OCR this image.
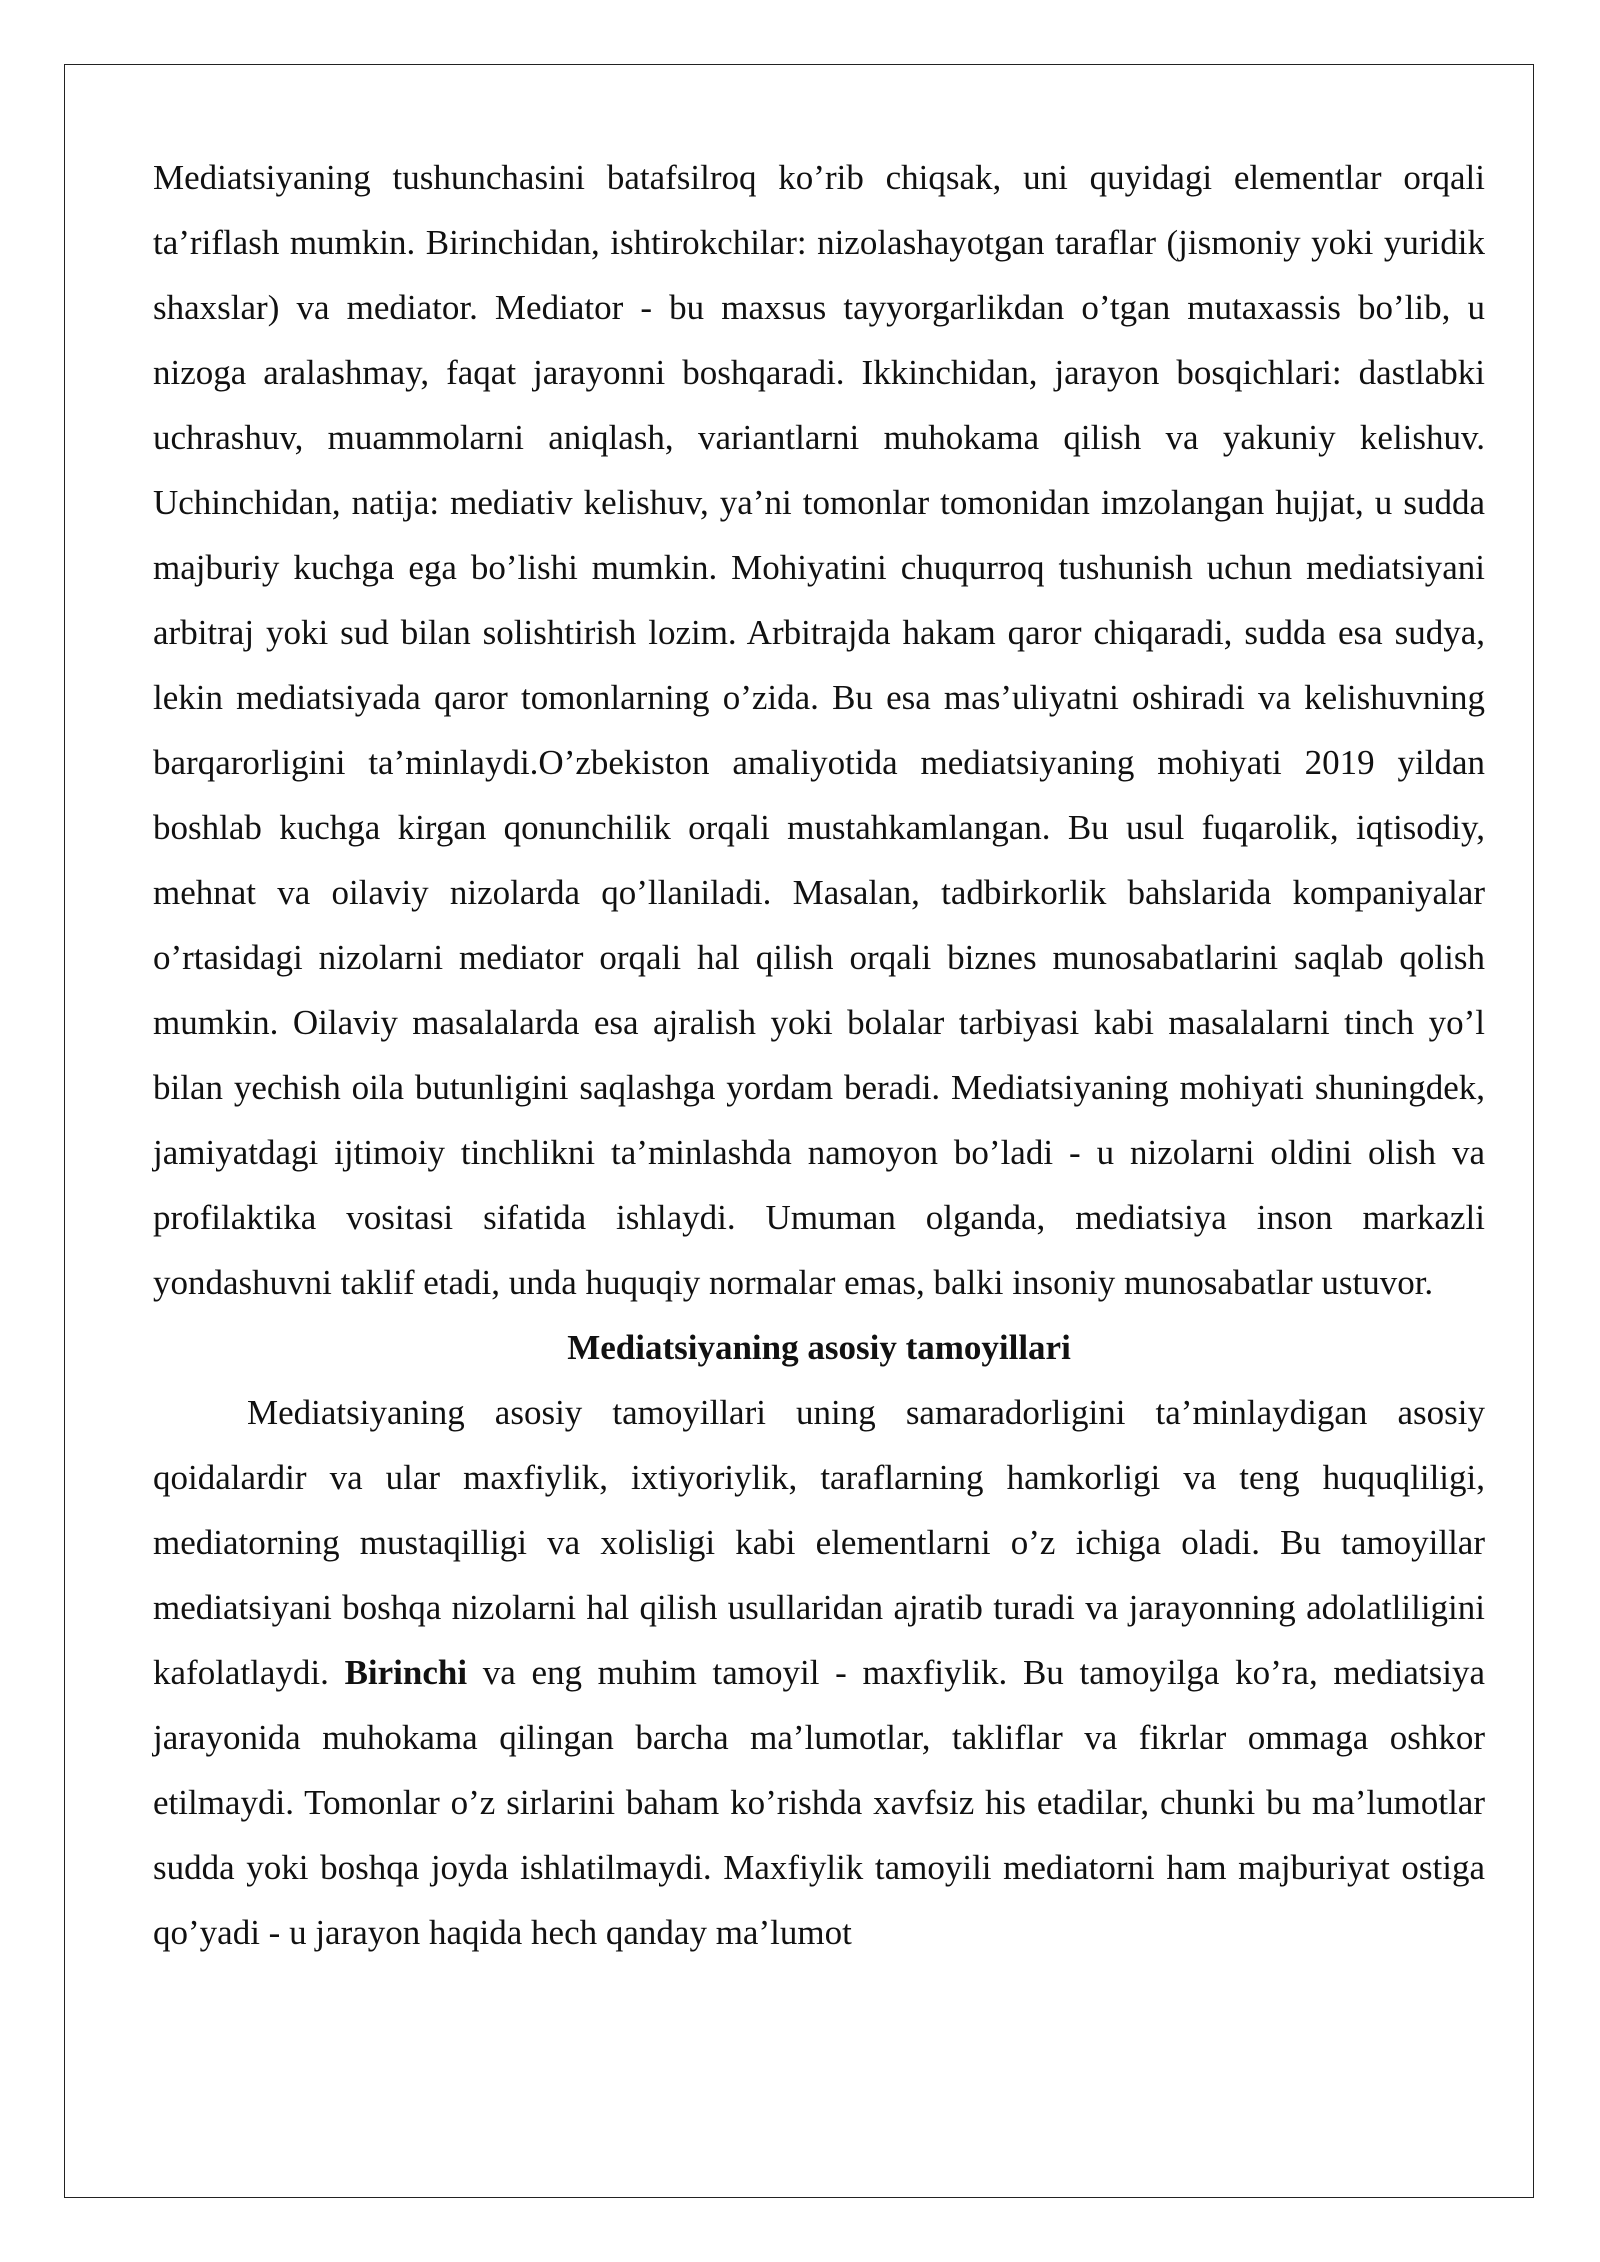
Mediatsiyaning tushunchasini batafsilroq ko’rib chiqsak, uni quyidagi elementlar orqali ta’riflash mumkin. Birinchidan, ishtirokchilar: nizolashayotgan taraflar (jismoniy yoki yuridik shaxslar) va mediator. Mediator - bu maxsus tayyorgarlikdan o’tgan mutaxassis bo’lib, u nizoga aralashmay, faqat jarayonni boshqaradi. Ikkinchidan, jarayon bosqichlari: dastlabki uchrashuv, muammolarni aniqlash, variantlarni muhokama qilish va yakuniy kelishuv. Uchinchidan, natija: mediativ kelishuv, ya’ni tomonlar tomonidan imzolangan hujjat, u sudda majburiy kuchga ega bo’lishi mumkin. Mohiyatini chuqurroq tushunish uchun mediatsiyani arbitraj yoki sud bilan solishtirish lozim. Arbitrajda hakam qaror chiqaradi, sudda esa sudya, lekin mediatsiyada qaror tomonlarning o’zida. Bu esa mas’uliyatni oshiradi va kelishuvning barqarorligini ta’minlaydi.O’zbekiston amaliyotida mediatsiyaning mohiyati 2019 yildan boshlab kuchga kirgan qonunchilik orqali mustahkamlangan. Bu usul fuqarolik, iqtisodiy, mehnat va oilaviy nizolarda qo’llaniladi. Masalan, tadbirkorlik bahslarida kompaniyalar o’rtasidagi nizolarni mediator orqali hal qilish orqali biznes munosabatlarini saqlab qolish mumkin. Oilaviy masalalarda esa ajralish yoki bolalar tarbiyasi kabi masalalarni tinch yo’l bilan yechish oila butunligini saqlashga yordam beradi. Mediatsiyaning mohiyati shuningdek, jamiyatdagi ijtimoiy tinchlikni ta’minlashda namoyon bo’ladi - u nizolarni oldini olish va profilaktika vositasi sifatida ishlaydi. Umuman olganda, mediatsiya inson markazli yondashuvni taklif etadi, unda huquqiy normalar emas, balki insoniy munosabatlar ustuvor.

Mediatsiyaning asosiy tamoyillari

Mediatsiyaning asosiy tamoyillari uning samaradorligini ta’minlaydigan asosiy qoidalardir va ular maxfiylik, ixtiyoriylik, taraflarning hamkorligi va teng huquqliligi, mediatorning mustaqilligi va xolisligi kabi elementlarni o’z ichiga oladi. Bu tamoyillar mediatsiyani boshqa nizolarni hal qilish usullaridan ajratib turadi va jarayonning adolatliligini kafolatlaydi. Birinchi va eng muhim tamoyil - maxfiylik. Bu tamoyilga ko’ra, mediatsiya jarayonida muhokama qilingan barcha ma’lumotlar, takliflar va fikrlar ommaga oshkor etilmaydi. Tomonlar o’z sirlarini baham ko’rishda xavfsiz his etadilar, chunki bu ma’lumotlar sudda yoki boshqa joyda ishlatilmaydi. Maxfiylik tamoyili mediatorni ham majburiyat ostiga qo’yadi - u jarayon haqida hech qanday ma’lumot
